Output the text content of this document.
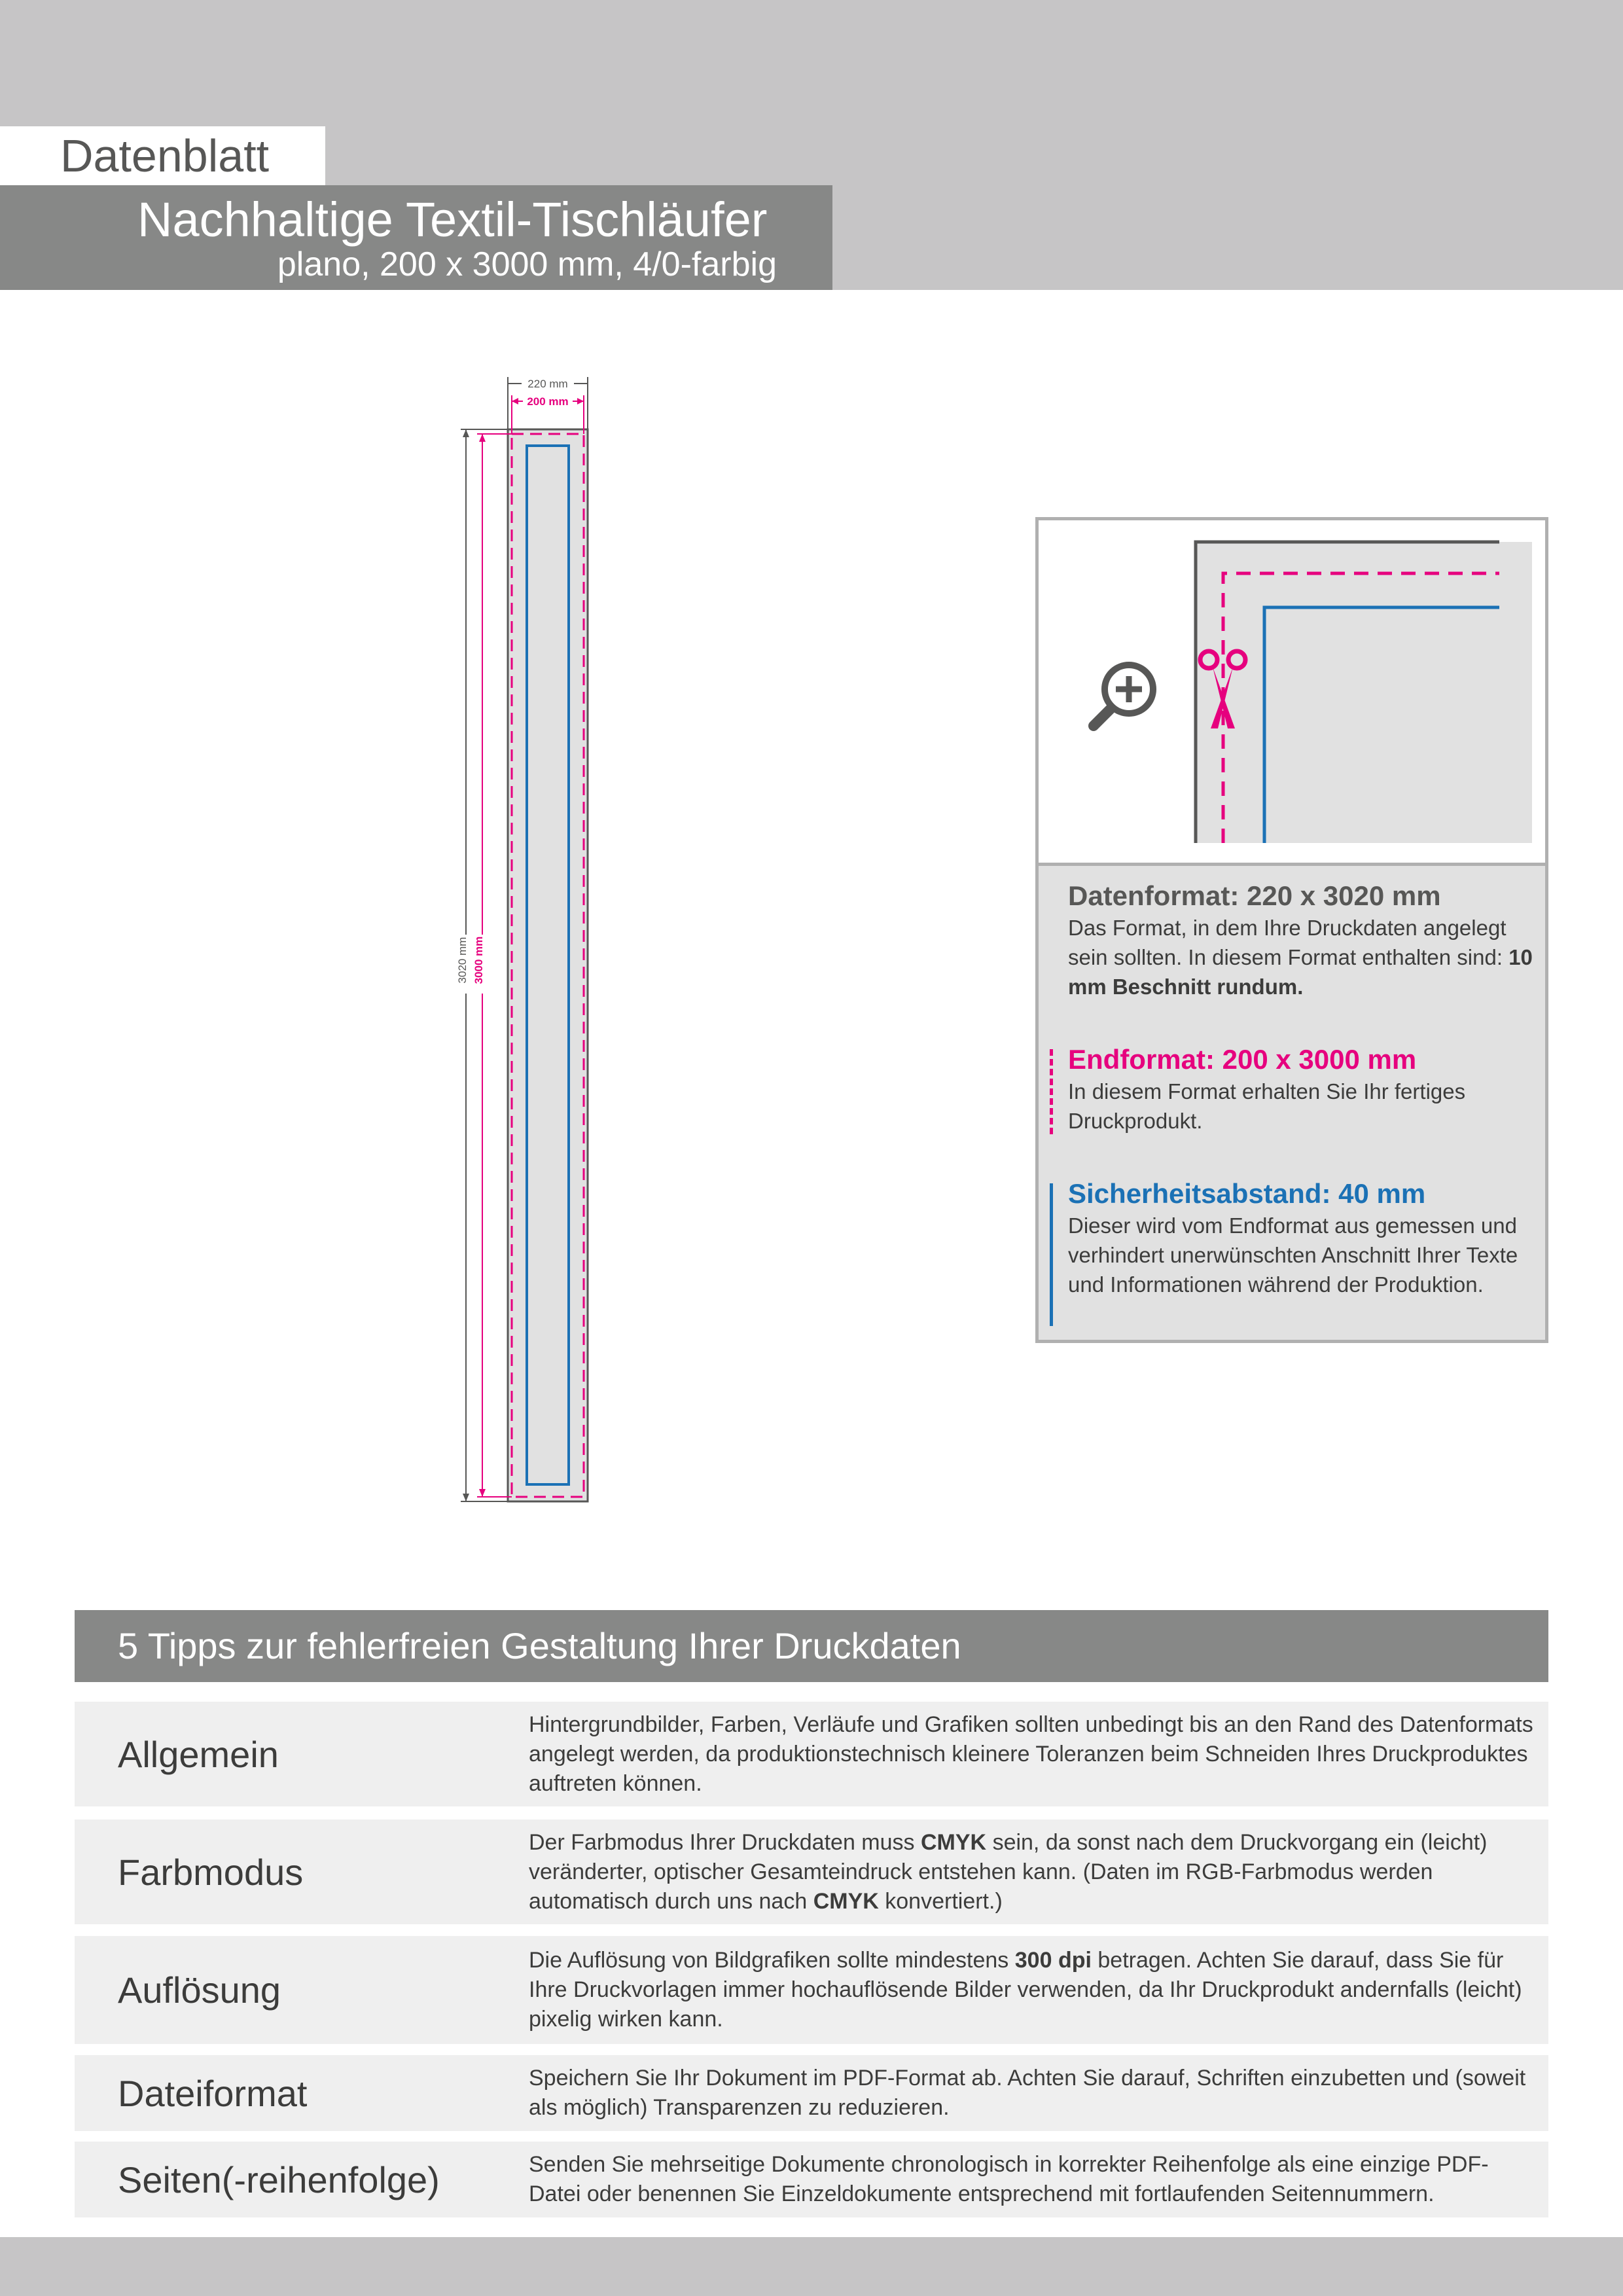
Datenblatt
Nachhaltige Textil-Tischläufer
plano, 200 x 3000 mm, 4/0-farbig
220 mm
200 mm
3020 mm 3000 mm
Datenformat: 220 x 3020 mm
Das Format, in dem Ihre Druckdaten angelegt sein sollten. In diesem Format enthalten sind: 10 mm Beschnitt rundum.
Endformat: 200 x 3000 mm
In diesem Format erhalten Sie Ihr fertiges Druckprodukt.
Sicherheitsabstand: 40 mm
Dieser wird vom Endformat aus gemessen und verhindert unerwünschten Anschnitt Ihrer Texte und Informationen während der Produktion.
5 Tipps zur fehlerfreien Gestaltung Ihrer Druckdaten
Allgemein
Hintergrundbilder, Farben, Verläufe und Grafiken sollten unbedingt bis an den Rand des Datenformats angelegt werden, da produktionstechnisch kleinere Toleranzen beim Schneiden Ihres Druckproduktes auftreten können.
Farbmodus
Der Farbmodus Ihrer Druckdaten muss CMYK sein, da sonst nach dem Druckvorgang ein (leicht) veränderter, optischer Gesamteindruck entstehen kann. (Daten im RGB-Farbmodus werden automatisch durch uns nach CMYK konvertiert.)
Auflösung
Die Auflösung von Bildgrafiken sollte mindestens 300 dpi betragen. Achten Sie darauf, dass Sie für Ihre Druckvorlagen immer hochauflösende Bilder verwenden, da Ihr Druckprodukt andernfalls (leicht) pixelig wirken kann.
Dateiformat	Speichern Sie Ihr Dokument im PDF-Format ab. Achten Sie darauf, Schriften einzubetten und (soweit als möglich) Transparenzen zu reduzieren.
Seiten(-reihenfolge)	Senden Sie mehrseitige Dokumente chronologisch in korrekter Reihenfolge als eine einzige PDF-Datei oder benennen Sie Einzeldokumente entsprechend mit fortlaufenden Seitennummern.
